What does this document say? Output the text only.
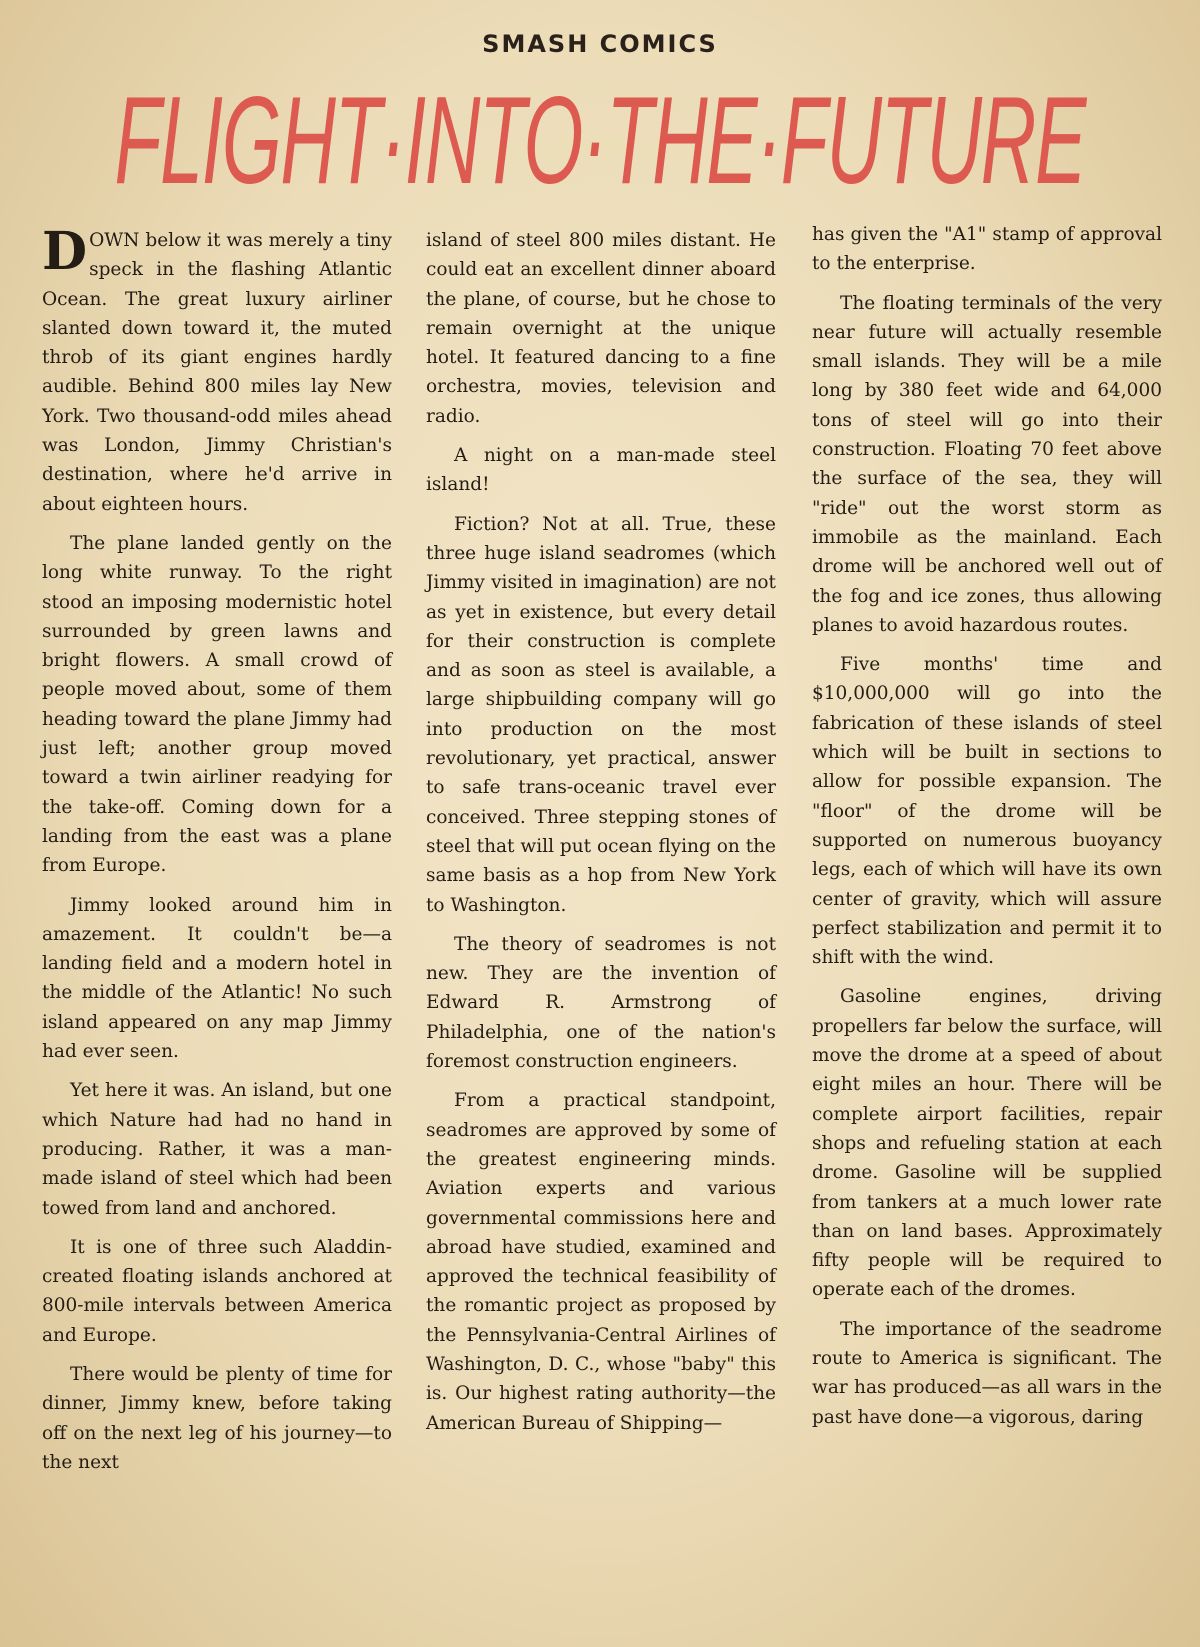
SMASH COMICS
FLIGHT·INTO·THE·FUTURE

DOWN below it was merely a tiny speck in the flashing Atlantic Ocean. The great luxury airliner slanted down toward it, the muted throb of its giant engines hardly audible. Behind 800 miles lay New York. Two thousand-odd miles ahead was London, Jimmy Christian's destination, where he'd arrive in about eighteen hours.

The plane landed gently on the long white runway. To the right stood an imposing modernistic hotel surrounded by green lawns and bright flowers. A small crowd of people moved about, some of them heading toward the plane Jimmy had just left; another group moved toward a twin airliner readying for the take-off. Coming down for a landing from the east was a plane from Europe.

Jimmy looked around him in amazement. It couldn't be—a landing field and a modern hotel in the middle of the Atlantic! No such island appeared on any map Jimmy had ever seen.

Yet here it was. An island, but one which Nature had had no hand in producing. Rather, it was a man-made island of steel which had been towed from land and anchored.

It is one of three such Aladdin-created floating islands anchored at 800-mile intervals between America and Europe.

There would be plenty of time for dinner, Jimmy knew, before taking off on the next leg of his journey—to the next

island of steel 800 miles distant. He could eat an excellent dinner aboard the plane, of course, but he chose to remain overnight at the unique hotel. It featured dancing to a fine orchestra, movies, television and radio.

A night on a man-made steel island!

Fiction? Not at all. True, these three huge island seadromes (which Jimmy visited in imagination) are not as yet in existence, but every detail for their construction is complete and as soon as steel is available, a large shipbuilding company will go into production on the most revolutionary, yet practical, answer to safe trans-oceanic travel ever conceived. Three stepping stones of steel that will put ocean flying on the same basis as a hop from New York to Washington.

The theory of seadromes is not new. They are the invention of Edward R. Armstrong of Philadelphia, one of the nation's foremost construction engineers.

From a practical standpoint, seadromes are approved by some of the greatest engineering minds. Aviation experts and various governmental commissions here and abroad have studied, examined and approved the technical feasibility of the romantic project as proposed by the Pennsylvania-Central Airlines of Washington, D. C., whose "baby" this is. Our highest rating authority—the American Bureau of Shipping—

has given the "A1" stamp of approval to the enterprise.

The floating terminals of the very near future will actually resemble small islands. They will be a mile long by 380 feet wide and 64,000 tons of steel will go into their construction. Floating 70 feet above the surface of the sea, they will "ride" out the worst storm as immobile as the mainland. Each drome will be anchored well out of the fog and ice zones, thus allowing planes to avoid hazardous routes.

Five months' time and $10,000,000 will go into the fabrication of these islands of steel which will be built in sections to allow for possible expansion. The "floor" of the drome will be supported on numerous buoyancy legs, each of which will have its own center of gravity, which will assure perfect stabilization and permit it to shift with the wind.

Gasoline engines, driving propellers far below the surface, will move the drome at a speed of about eight miles an hour. There will be complete airport facilities, repair shops and refueling station at each drome. Gasoline will be supplied from tankers at a much lower rate than on land bases. Approximately fifty people will be required to operate each of the dromes.

The importance of the seadrome route to America is significant. The war has produced—as all wars in the past have done—a vigorous, daring
